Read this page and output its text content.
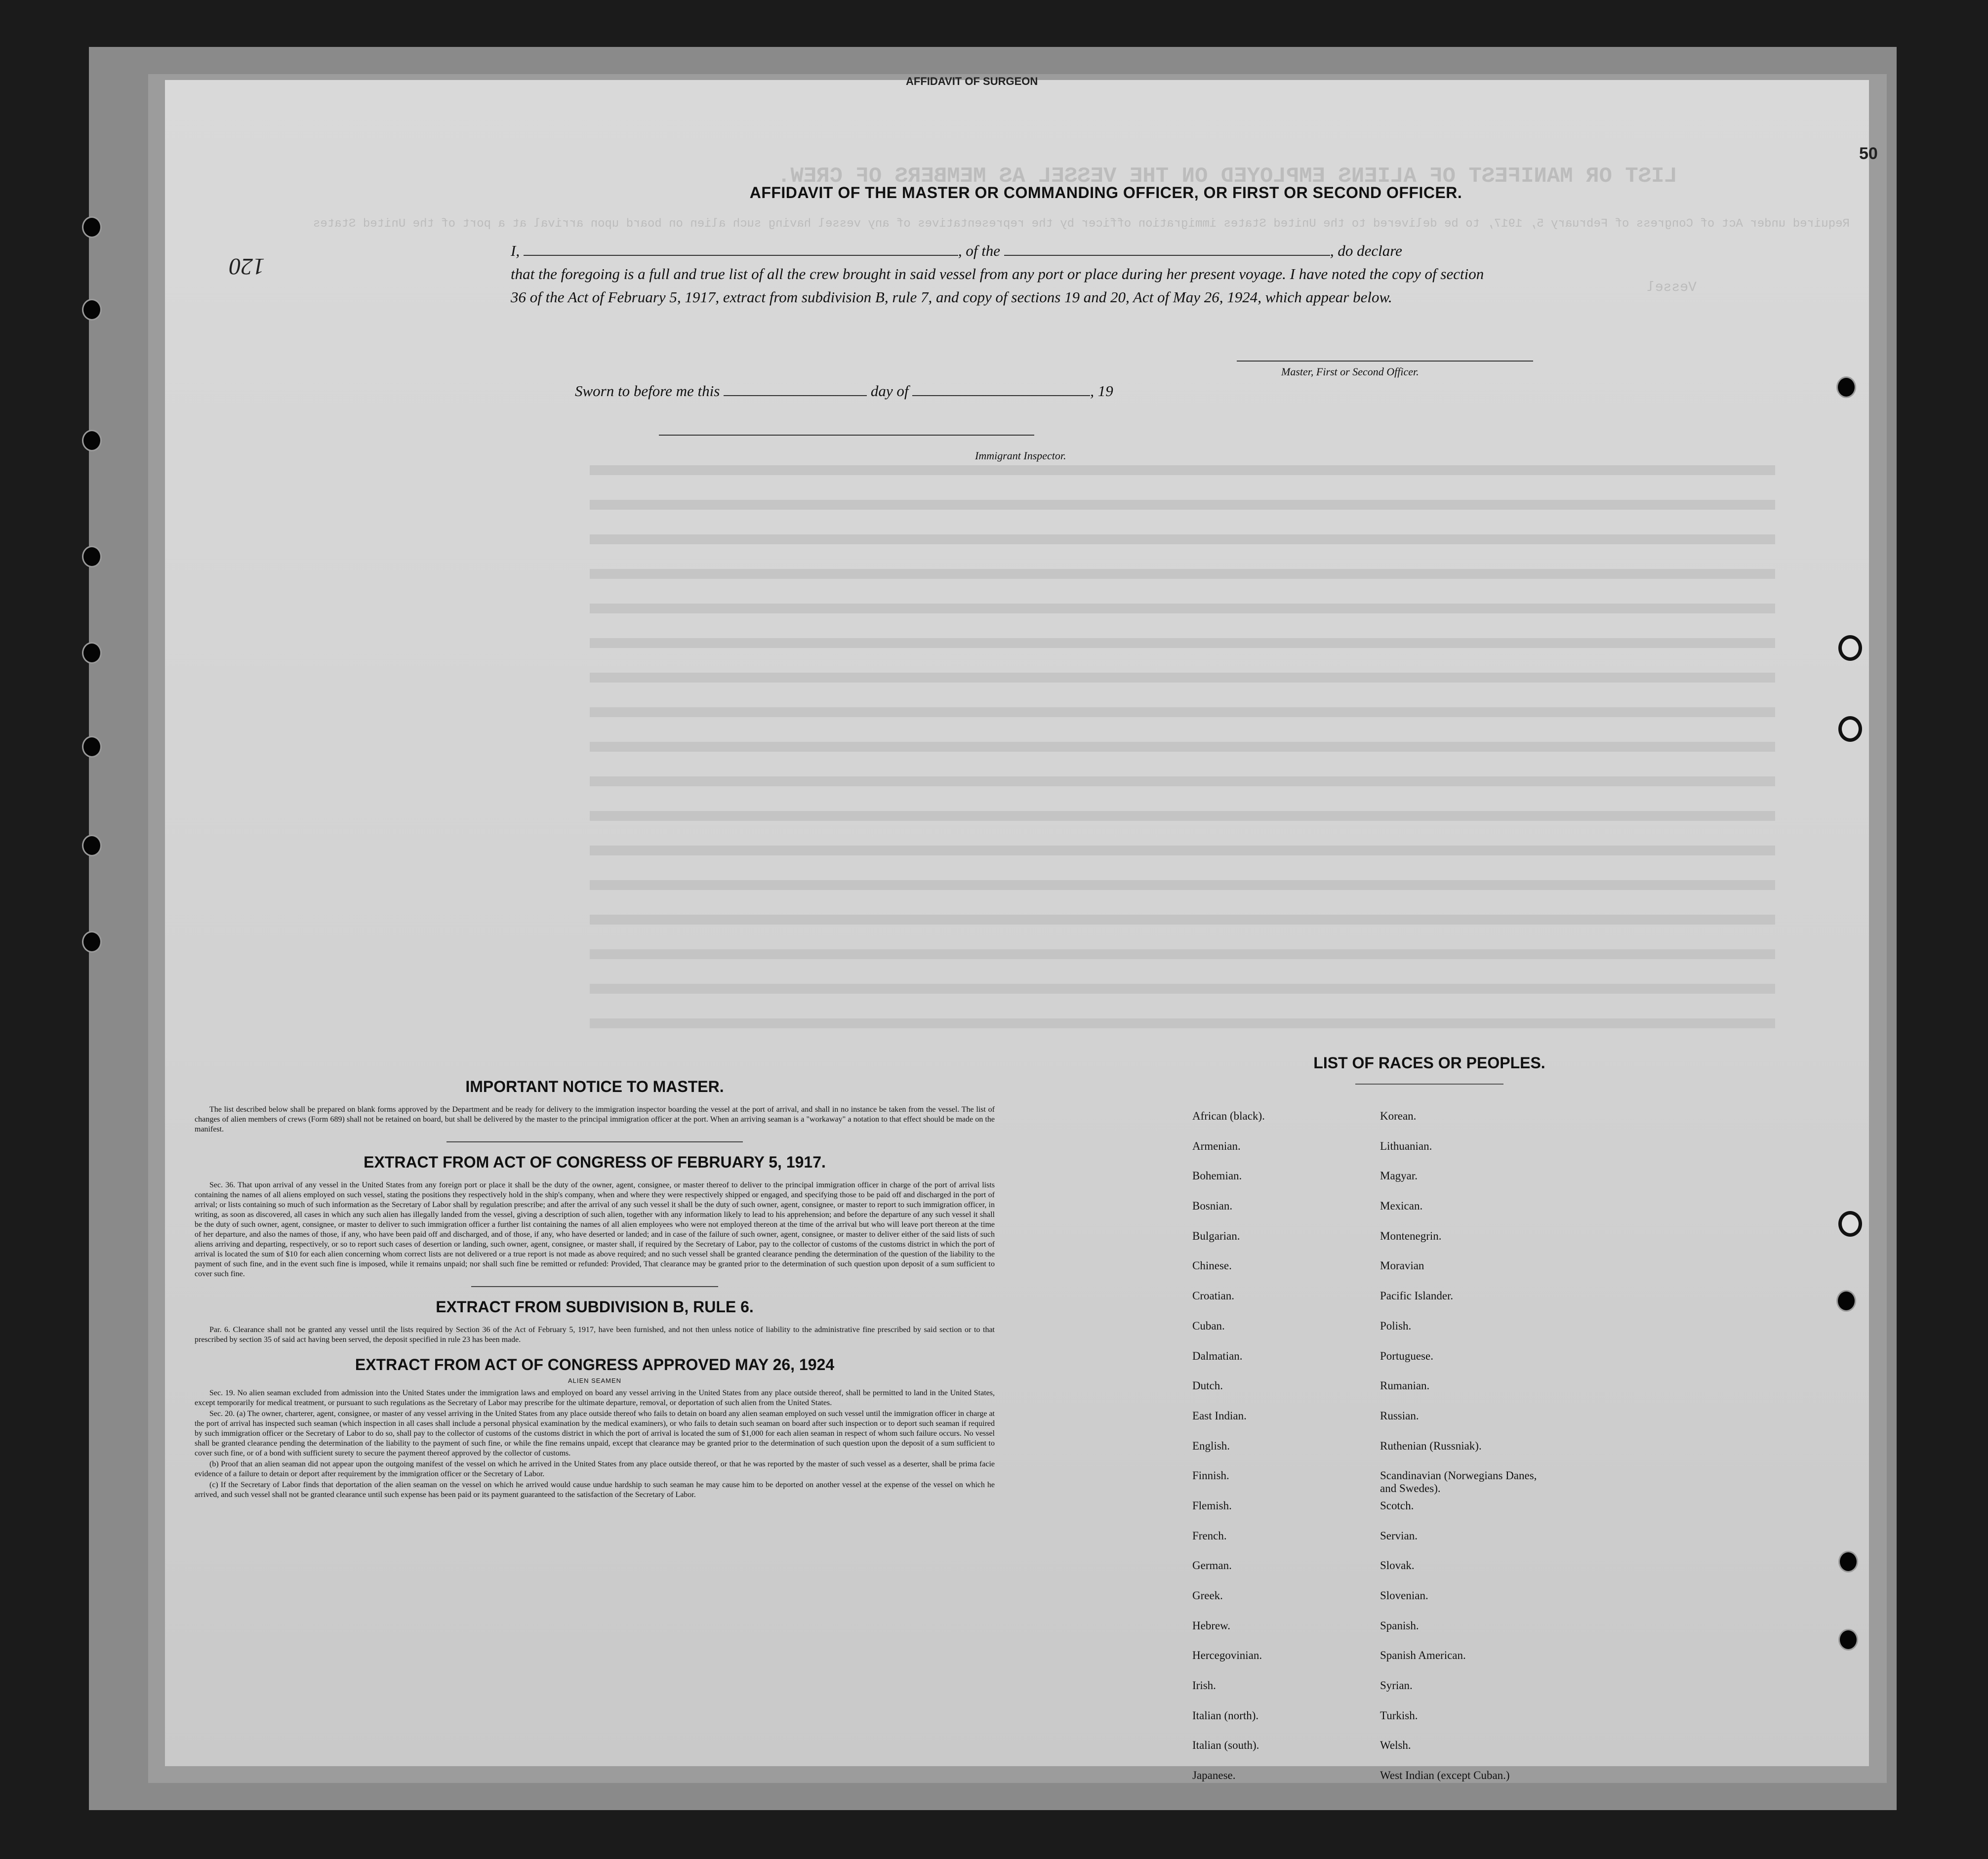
LIST OR MANIFEST OF ALIENS EMPLOYED ON THE VESSEL AS MEMBERS OF CREW.
Required under Act of Congress of February 5, 1917, to be delivered to the United States immigration officer by the representatives of any vessel having such alien on board upon arrival at a port of the United States
Vessel
AFFIDAVIT OF SURGEON
50
120
AFFIDAVIT OF THE MASTER OR COMMANDING OFFICER, OR FIRST OR SECOND OFFICER.
I,	, of the	, do declare
that the foregoing is a full and true list of all the crew brought in said vessel from any port or place during her present voyage. I have noted the copy of section 36 of the Act of February 5, 1917, extract from subdivision B, rule 7, and copy of sections 19 and 20, Act of May 26, 1924, which appear below.
Master, First or Second Officer.
Sworn to before me this	day of	, 19
Immigrant Inspector.
IMPORTANT NOTICE TO MASTER.

The list described below shall be prepared on blank forms approved by the Department and be ready for delivery to the immigration inspector boarding the vessel at the port of arrival, and shall in no instance be taken from the vessel. The list of changes of alien members of crews (Form 689) shall not be retained on board, but shall be delivered by the master to the principal immigration officer at the port. When an arriving seaman is a "workaway" a notation to that effect should be made on the manifest.

EXTRACT FROM ACT OF CONGRESS OF FEBRUARY 5, 1917.

Sec. 36. That upon arrival of any vessel in the United States from any foreign port or place it shall be the duty of the owner, agent, consignee, or master thereof to deliver to the principal immigration officer in charge of the port of arrival lists containing the names of all aliens employed on such vessel, stating the positions they respectively hold in the ship's company, when and where they were respectively shipped or engaged, and specifying those to be paid off and discharged in the port of arrival; or lists containing so much of such information as the Secretary of Labor shall by regulation prescribe; and after the arrival of any such vessel it shall be the duty of such owner, agent, consignee, or master to report to such immigration officer, in writing, as soon as discovered, all cases in which any such alien has illegally landed from the vessel, giving a description of such alien, together with any information likely to lead to his apprehension; and before the departure of any such vessel it shall be the duty of such owner, agent, consignee, or master to deliver to such immigration officer a further list containing the names of all alien employees who were not employed thereon at the time of the arrival but who will leave port thereon at the time of her departure, and also the names of those, if any, who have been paid off and discharged, and of those, if any, who have deserted or landed; and in case of the failure of such owner, agent, consignee, or master to deliver either of the said lists of such aliens arriving and departing, respectively, or so to report such cases of desertion or landing, such owner, agent, consignee, or master shall, if required by the Secretary of Labor, pay to the collector of customs of the customs district in which the port of arrival is located the sum of $10 for each alien concerning whom correct lists are not delivered or a true report is not made as above required; and no such vessel shall be granted clearance pending the determination of the question of the liability to the payment of such fine, and in the event such fine is imposed, while it remains unpaid; nor shall such fine be remitted or refunded: Provided, That clearance may be granted prior to the determination of such question upon deposit of a sum sufficient to cover such fine.

EXTRACT FROM SUBDIVISION B, RULE 6.

Par. 6. Clearance shall not be granted any vessel until the lists required by Section 36 of the Act of February 5, 1917, have been furnished, and not then unless notice of liability to the administrative fine prescribed by said section or to that prescribed by section 35 of said act having been served, the deposit specified in rule 23 has been made.

EXTRACT FROM ACT OF CONGRESS APPROVED MAY 26, 1924
ALIEN SEAMEN

Sec. 19. No alien seaman excluded from admission into the United States under the immigration laws and employed on board any vessel arriving in the United States from any place outside thereof, shall be permitted to land in the United States, except temporarily for medical treatment, or pursuant to such regulations as the Secretary of Labor may prescribe for the ultimate departure, removal, or deportation of such alien from the United States.

Sec. 20. (a) The owner, charterer, agent, consignee, or master of any vessel arriving in the United States from any place outside thereof who fails to detain on board any alien seaman employed on such vessel until the immigration officer in charge at the port of arrival has inspected such seaman (which inspection in all cases shall include a personal physical examination by the medical examiners), or who fails to detain such seaman on board after such inspection or to deport such seaman if required by such immigration officer or the Secretary of Labor to do so, shall pay to the collector of customs of the customs district in which the port of arrival is located the sum of $1,000 for each alien seaman in respect of whom such failure occurs. No vessel shall be granted clearance pending the determination of the liability to the payment of such fine, or while the fine remains unpaid, except that clearance may be granted prior to the determination of such question upon the deposit of a sum sufficient to cover such fine, or of a bond with sufficient surety to secure the payment thereof approved by the collector of customs.

(b) Proof that an alien seaman did not appear upon the outgoing manifest of the vessel on which he arrived in the United States from any place outside thereof, or that he was reported by the master of such vessel as a deserter, shall be prima facie evidence of a failure to detain or deport after requirement by the immigration officer or the Secretary of Labor.

(c) If the Secretary of Labor finds that deportation of the alien seaman on the vessel on which he arrived would cause undue hardship to such seaman he may cause him to be deported on another vessel at the expense of the vessel on which he arrived, and such vessel shall not be granted clearance until such expense has been paid or its payment guaranteed to the satisfaction of the Secretary of Labor.

LIST OF RACES OR PEOPLES.
African (black).	Korean.
Armenian.	Lithuanian.
Bohemian.	Magyar.
Bosnian.	Mexican.
Bulgarian.	Montenegrin.
Chinese.	Moravian
Croatian.	Pacific Islander.
Cuban.	Polish.
Dalmatian.	Portuguese.
Dutch.	Rumanian.
East Indian.	Russian.
English.	Ruthenian (Russniak).
Finnish.	Scandinavian (Norwegians Danes, and Swedes).
Flemish.	Scotch.
French.	Servian.
German.	Slovak.
Greek.	Slovenian.
Hebrew.	Spanish.
Hercegovinian.	Spanish American.
Irish.	Syrian.
Italian (north).	Turkish.
Italian (south).	Welsh.
Japanese.	West Indian (except Cuban.)
